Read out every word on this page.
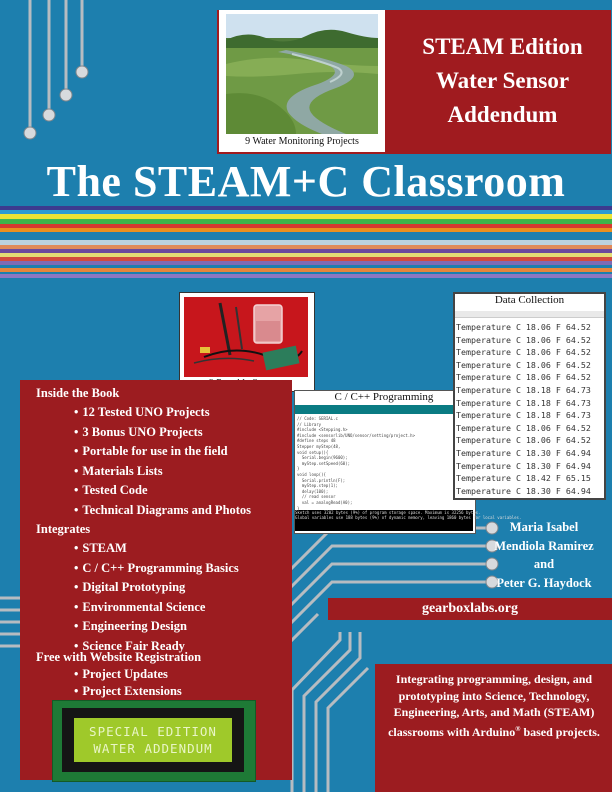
STEAM Edition
Water Sensor
Addendum
9 Water Monitoring Projects
The STEAM+C Classroom
Inside the Book
• 12 Tested UNO Projects
• 3 Bonus UNO Projects
• Portable for use in the field
• Materials Lists
• Tested Code
• Technical Diagrams and Photos
Integrates
• STEAM
• C / C++ Programming Basics
• Digital Prototyping
• Environmental Science
• Engineering Design
• Science Fair Ready
Free with Website Registration
• Project Updates
• Project Extensions
SPECIAL EDITION
WATER ADDENDUM
C / C++ Programming
// Code: SERIAL.c
// Library
#include <Stepping.h>
#include <sensorlib/UNO/sensor/setting/project.h>
#define steps 48
Stepper myStep(48,
void setup(){
Serial.begin(9600);
myStep.setSpeed(60);
}
void loop(){
Serial.println(F);
myStep.step(1);
delay(100);
// read sensor
val = analogRead(A0);
}
Sketch uses 3202 bytes (9%) of program storage space. Maximum is 32256 bytes.
Global variables use 188 bytes (9%) of dynamic memory, leaving 1860 bytes for local variables.
Data Collection
Temperature C 18.06 F 64.52
Temperature C 18.06 F 64.52
Temperature C 18.06 F 64.52
Temperature C 18.06 F 64.52
Temperature C 18.06 F 64.52
Temperature C 18.18 F 64.73
Temperature C 18.18 F 64.73
Temperature C 18.18 F 64.73
Temperature C 18.06 F 64.52
Temperature C 18.06 F 64.52
Temperature C 18.30 F 64.94
Temperature C 18.30 F 64.94
Temperature C 18.42 F 65.15
Temperature C 18.30 F 64.94
Maria Isabel
Mendiola Ramirez
and
Peter G. Haydock
gearboxlabs.org
Integrating programming, design, and prototyping into Science, Technology, Engineering, Arts, and Math (STEAM) classrooms with Arduino® based projects.
